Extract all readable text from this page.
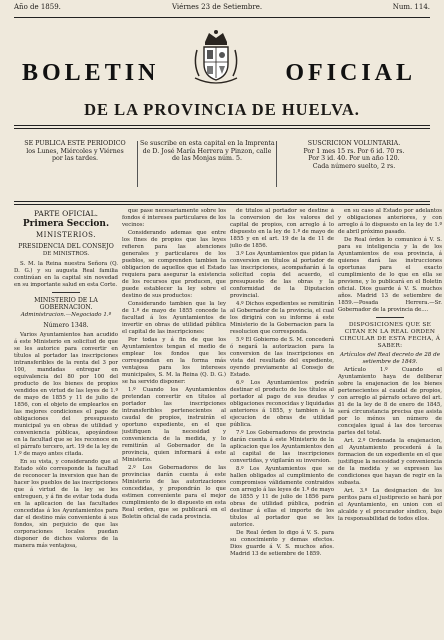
Año de 1859.	Viérnes 23 de Setiembre.	Num. 114.
BOLETIN	OFICIAL
DE LA PROVINCIA DE HUELVA.
SE PUBLICA ESTE PERIODICO
los Lunes, Miércoles y Viérnes
por las tardes.
Se suscribe en esta capital en la Imprenta
de D. José María Herrera y Pinzon, calle
de las Monjas núm. 5.
SUSCRICION VOLUNTARIA.
Por 1 mes 15 rs. Por 6 id. 70 rs.
Por 3 id. 40. Por un año 120.
Cada número suelto, 2 rs.
PARTE OFICIAL.
Primera Seccion.
MINISTERIOS.
PRESIDENCIA DEL CONSEJO
DE MINISTROS.

S. M. la Reina nuestra Señora (Q. D. G.) y su augusta Real familia continúan en la capital sin novedad en su importante salud en esta Corte.

MINISTERIO DE LA GOBERNACION.
Administracion.—Negociado 1.º
Número 1348.

Varios Ayuntamientos han acudido á este Ministerio en solicitud de que se les autorice para convertir en títulos al portador las inscripciones intransferibles de la renta del 3 por 100, mandadas entregar en equivalencia del 80 por 100 del producto de los bienes de propios vendidos en virtud de las leyes de 1.º de mayo de 1855 y 11 de julio de 1856, con el objeto de emplearlos en las mejores condiciones el pago de obligaciones del presupuesto municipal ya en obras de utilidad y conveniencia públicas, apoyándose en la facultad que se les reconoce en el párrafo tercero, art. 19 de la ley de 1.º de mayo antes citada.

En su vista, y considerando que al Estado sólo corresponde la facultad de reconocer la inversion que han de hacer los pueblos de las inscripciones que á virtud de la ley se les entreguen, y á fin de evitar toda duda en la aplicacion de las facultades concedidas á los Ayuntamientos para dar el destino más conveniente á sus fondos, sin perjuicio de que las corporaciones locales puedan disponer de dichos valores de la manera más ventajosa,

que pase necesariamente sobre los fondos é intereses particulares de los vecinos:

Considerando ademas que entre los fines de propios que las leyes refieren para las atenciones generales y particulares de los pueblos, se comprenden tambien la obligacion de aquellos que el Estado requiera para asegurar la existencia de los recursos que producen, que puede establecer la ley sobre el destino de sus productos:

Considerando tambien que la ley de 1.º de mayo de 1855 concede la facultad á los Ayuntamientos de invertir en obras de utilidad pública el capital de las inscripciones:

Por todas y á fin de que los Ayuntamientos tengan el medio de emplear los fondos que les correspondan en la forma más ventajosa para los intereses municipales, S. M. la Reina (Q. D. G.) se ha servido disponer:

1.º Cuando los Ayuntamientos pretendan convertir en títulos al portador las inscripciones intransferibles pertenecientes al caudal de propios, instruirán el oportuno expediente, en el que justifiquen la necesidad y conveniencia de la medida, y lo remitirán al Gobernador de la provincia, quien informará á este Ministerio.

2.º Los Gobernadores de las provincias darán cuenta á este Ministerio de las autorizaciones concedidas, y propondrán lo que estimen conveniente para el mejor cumplimiento de lo dispuesto en esta Real orden, que se publicará en el Boletin oficial de cada provincia.

de títulos al portador se destine á la conversion de los valores del capital de propios, con arreglo á lo dispuesto en la ley de 1.º de mayo de 1855 y en el art. 19 de la de 11 de julio de 1856.

3.º Los Ayuntamientos que pidan la conversion en títulos al portador de las inscripciones, acompañarán á la solicitud copia del acuerdo, el presupuesto de las obras y la conformidad de la Diputacion provincial.

4.º Dichos expedientes se remitirán al Gobernador de la provincia, el cual los dirigirá con su informe á este Ministerio de la Gobernacion para la resolucion que corresponda.

5.º El Gobierno de S. M. concederá ó negará la autorizacion para la conversion de las inscripciones en vista del resultado del expediente, oyendo previamente al Consejo de Estado.

6.º Los Ayuntamientos podrán destinar el producto de los títulos al portador al pago de sus deudas y obligaciones reconocidas y liquidadas anteriores á 1855, y tambien á la ejecucion de obras de utilidad pública.

7.º Los Gobernadores de provincia darán cuenta á este Ministerio de la aplicacion que los Ayuntamientos den al capital de las inscripciones convertidas, y vigilarán su inversion.

8.º Los Ayuntamientos que se hallen obligados al cumplimiento de compromisos válidamente contraidos con arreglo á las leyes de 1.º de mayo de 1855 y 11 de julio de 1856 para obras de utilidad pública, podrán destinar á ellas el importe de los títulos al portador que se les autorice.

De Real órden lo digo á V. S. para su conocimiento y demas efectos. Dios guarde á V. S. muchos años. Madrid 13 de setiembre de 1859.

en su caso al Estado por adelantos y obligaciones anteriores, y con arreglo á lo dispuesto en la ley de 1.º de abril próximo pasado.

De Real órden lo comunico á V. S. para su inteligencia y la de los Ayuntamientos de esa provincia, á quienes dará las instrucciones oportunas para el exacto cumplimiento de lo que en ella se previene, y lo publicará en el Boletin oficial. Dios guarde á V. S. muchos años. Madrid 13 de setiembre de 1859.—Posada Herrera.—Sr. Gobernador de la provincia de....

DISPOSICIONES QUE SE CITAN EN LA REAL ORDEN CIRCULAR DE ESTA FECHA, Á SABER:
Artículos del Real decreto de 28 de setiembre de 1849.

Artículo 1.º Cuando el Ayuntamiento haya de deliberar sobre la enajenacion de los bienes pertenecientes al caudal de propios, con arreglo al párrafo octavo del art. 81 de la ley de 8 de enero de 1845, será circunstancia precisa que asista por lo ménos un número de concejales igual á las dos terceras partes del total.

Art. 2.º Ordenada la enajenacion, el Ayuntamiento procederá á la formacion de un expediente en el que justifique la necesidad y conveniencia de la medida y se expresen las condiciones que hayan de regir en la subasta.

Art. 3.º La designacion de los peritos para el justiprecio se hará por el Ayuntamiento, en union con el alcalde y el procurador síndico, bajo la responsabilidad de todos ellos.
